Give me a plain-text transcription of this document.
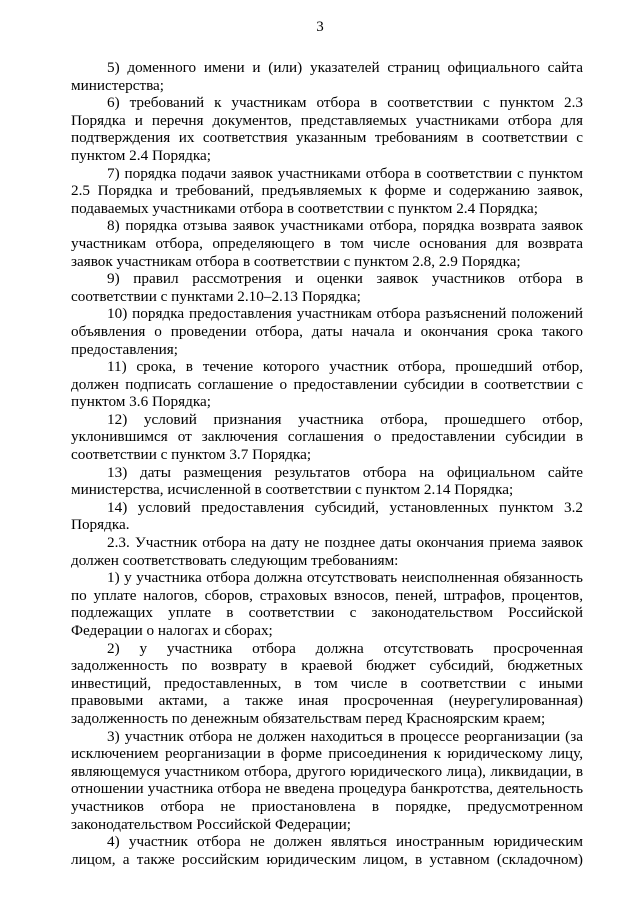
3

5) доменного имени и (или) указателей страниц официального сайта министерства;

6) требований к участникам отбора в соответствии с пунктом 2.3 Порядка и перечня документов, представляемых участниками отбора для подтверждения их соответствия указанным требованиям в соответствии с пунктом 2.4 Порядка;

7) порядка подачи заявок участниками отбора в соответствии с пунктом 2.5 Порядка и требований, предъявляемых к форме и содержанию заявок, подаваемых участниками отбора в соответствии с пунктом 2.4 Порядка;

8) порядка отзыва заявок участниками отбора, порядка возврата заявок участникам отбора, определяющего в том числе основания для возврата заявок участникам отбора в соответствии с пунктом 2.8, 2.9 Порядка;

9) правил рассмотрения и оценки заявок участников отбора в соответствии с пунктами 2.10–2.13 Порядка;

10) порядка предоставления участникам отбора разъяснений положений объявления о проведении отбора, даты начала и окончания срока такого предоставления;

11) срока, в течение которого участник отбора, прошедший отбор, должен подписать соглашение о предоставлении субсидии в соответствии с пунктом 3.6 Порядка;

12) условий признания участника отбора, прошедшего отбор, уклонившимся от заключения соглашения о предоставлении субсидии в соответствии с пунктом 3.7 Порядка;

13) даты размещения результатов отбора на официальном сайте министерства, исчисленной в соответствии с пунктом 2.14 Порядка;

14) условий предоставления субсидий, установленных пунктом 3.2 Порядка.

2.3. Участник отбора на дату не позднее даты окончания приема заявок должен соответствовать следующим требованиям:

1) у участника отбора должна отсутствовать неисполненная обязанность по уплате налогов, сборов, страховых взносов, пеней, штрафов, процентов, подлежащих уплате в соответствии с законодательством Российской Федерации о налогах и сборах;

2) у участника отбора должна отсутствовать просроченная задолженность по возврату в краевой бюджет субсидий, бюджетных инвестиций, предоставленных, в том числе в соответствии с иными правовыми актами, а также иная просроченная (неурегулированная) задолженность по денежным обязательствам перед Красноярским краем;

3) участник отбора не должен находиться в процессе реорганизации (за исключением реорганизации в форме присоединения к юридическому лицу, являющемуся участником отбора, другого юридического лица), ликвидации, в отношении участника отбора не введена процедура банкротства, деятельность участников отбора не приостановлена в порядке, предусмотренном законодательством Российской Федерации;

4) участник отбора не должен являться иностранным юридическим лицом, а также российским юридическим лицом, в уставном (складочном)
